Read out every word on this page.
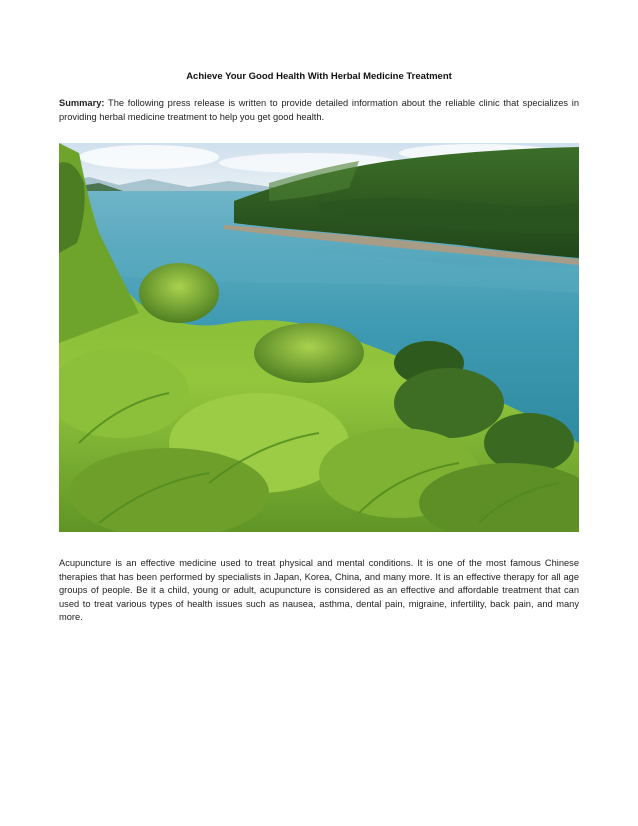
Achieve Your Good Health With Herbal Medicine Treatment
Summary: The following press release is written to provide detailed information about the reliable clinic that specializes in providing herbal medicine treatment to help you get good health.
Acupuncture is an effective medicine used to treat physical and mental conditions. It is one of the most famous Chinese therapies that has been performed by specialists in Japan, Korea, China, and many more. It is an effective therapy for all age groups of people. Be it a child, young or adult, acupuncture is considered as an effective and affordable treatment that can used to treat various types of health issues such as nausea, asthma, dental pain, migraine, infertility, back pain, and many more.
